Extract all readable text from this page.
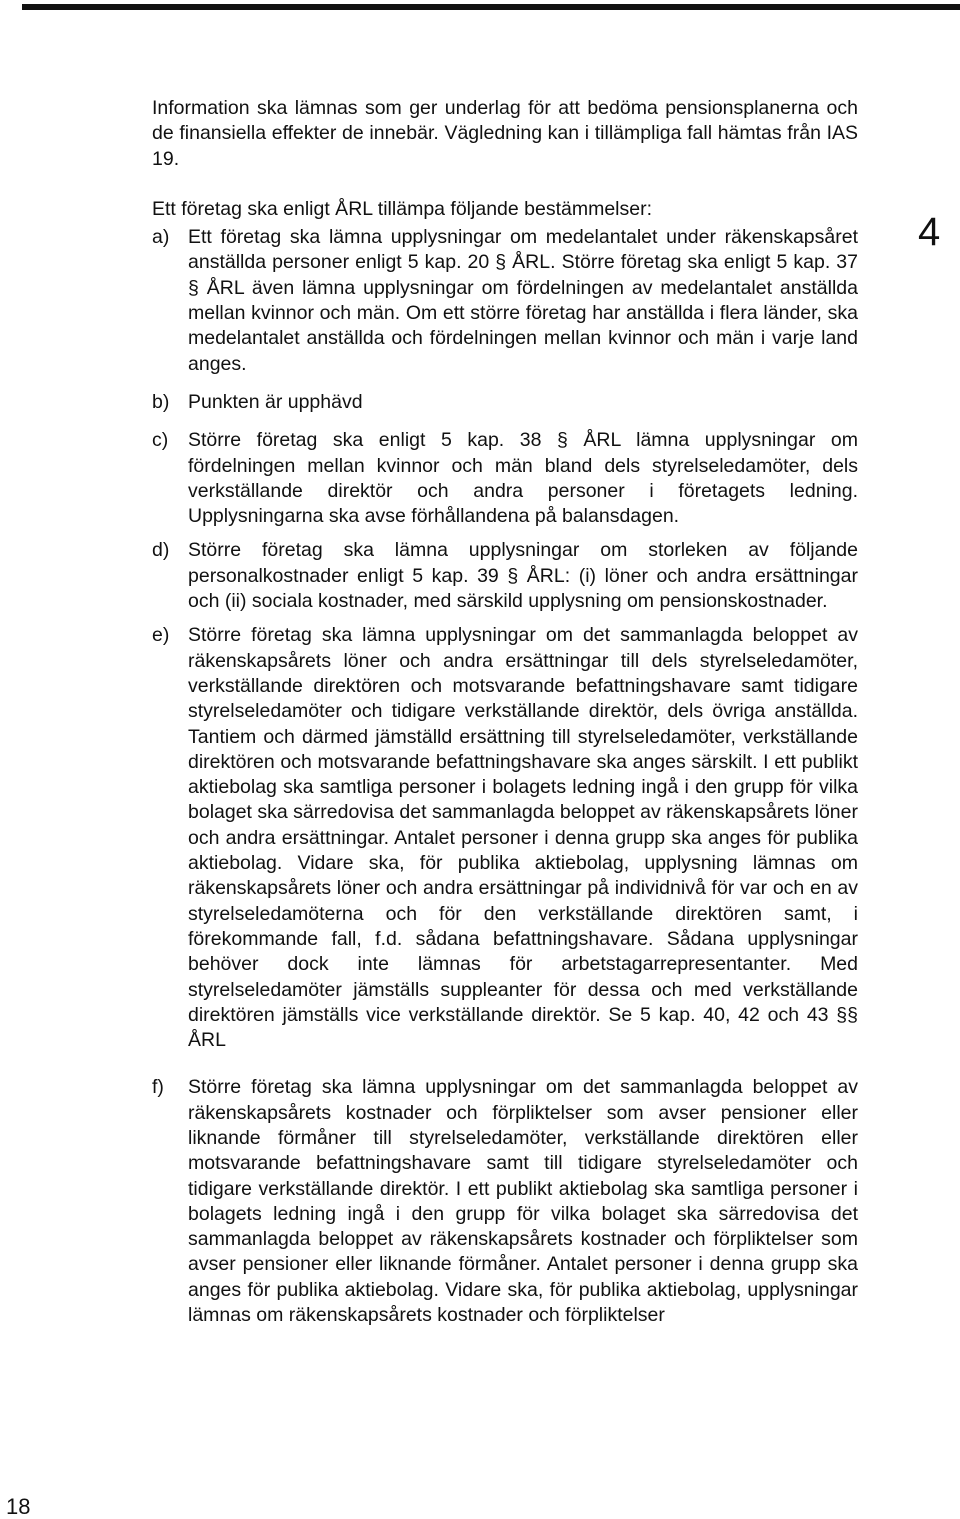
4

Information ska lämnas som ger underlag för att bedöma pensionsplanerna och de finansiella effekter de innebär. Vägledning kan i tillämpliga fall hämtas från IAS 19.

Ett företag ska enligt ÅRL tillämpa följande bestämmelser:

a) Ett företag ska lämna upplysningar om medelantalet under räkenskapsåret anställda personer enligt 5 kap. 20 § ÅRL. Större företag ska enligt 5 kap. 37 § ÅRL även lämna upplysningar om fördelningen av medelantalet anställda mellan kvinnor och män. Om ett större företag har anställda i flera länder, ska medelantalet anställda och fördelningen mellan kvinnor och män i varje land anges.
b) Punkten är upphävd
c)	Större företag ska enligt 5 kap. 38 § ÅRL lämna upplysningar om fördelningen mellan kvinnor och män bland dels styrelseledamöter, dels verkställande direktör och andra personer i företagets ledning. Upplysningarna ska avse förhållandena på balansdagen.
d) Större företag ska lämna upplysningar om storleken av följande personalkostnader enligt 5 kap. 39 § ÅRL: (i) löner och andra ersättningar och (ii) sociala kostnader, med särskild upplysning om pensionskostnader.
e) Större företag ska lämna upplysningar om det sammanlagda beloppet av räkenskapsårets löner och andra ersättningar till dels styrelseledamöter, verkställande direktören och motsvarande befattningshavare samt tidigare styrelseledamöter och tidigare verkställande direktör, dels övriga anställda. Tantiem och därmed jämställd ersättning till styrelseledamöter, verkställande direktören och motsvarande befattningshavare ska anges särskilt. I ett publikt aktiebolag ska samtliga personer i bolagets ledning ingå i den grupp för vilka bolaget ska särredovisa det sammanlagda beloppet av räkenskapsårets löner och andra ersättningar. Antalet personer i denna grupp ska anges för publika aktiebolag. Vidare ska, för publika aktiebolag, upplysning lämnas om räkenskapsårets löner och andra ersättningar på individnivå för var och en av styrelseledamöterna och för den verkställande direktören samt, i förekommande fall, f.d. sådana befattningshavare. Sådana upplysningar behöver dock inte lämnas för arbetstagarrepresentanter. Med styrelseledamöter jämställs suppleanter för dessa och med verkställande direktören jämställs vice verkställande direktör. Se 5 kap. 40, 42 och 43 §§ ÅRL
f)	Större företag ska lämna upplysningar om det sammanlagda beloppet av räkenskapsårets kostnader och förpliktelser som avser pensioner eller liknande förmåner till styrelseledamöter, verkställande direktören eller motsvarande befattningshavare samt till tidigare styrelseledamöter och tidigare verkställande direktör. I ett publikt aktiebolag ska samtliga personer i bolagets ledning ingå i den grupp för vilka bolaget ska särredovisa det sammanlagda beloppet av räkenskapsårets kostnader och förpliktelser som avser pensioner eller liknande förmåner. Antalet personer i denna grupp ska anges för publika aktiebolag. Vidare ska, för publika aktiebolag, upplysningar lämnas om räkenskapsårets kostnader och förpliktelser
18
